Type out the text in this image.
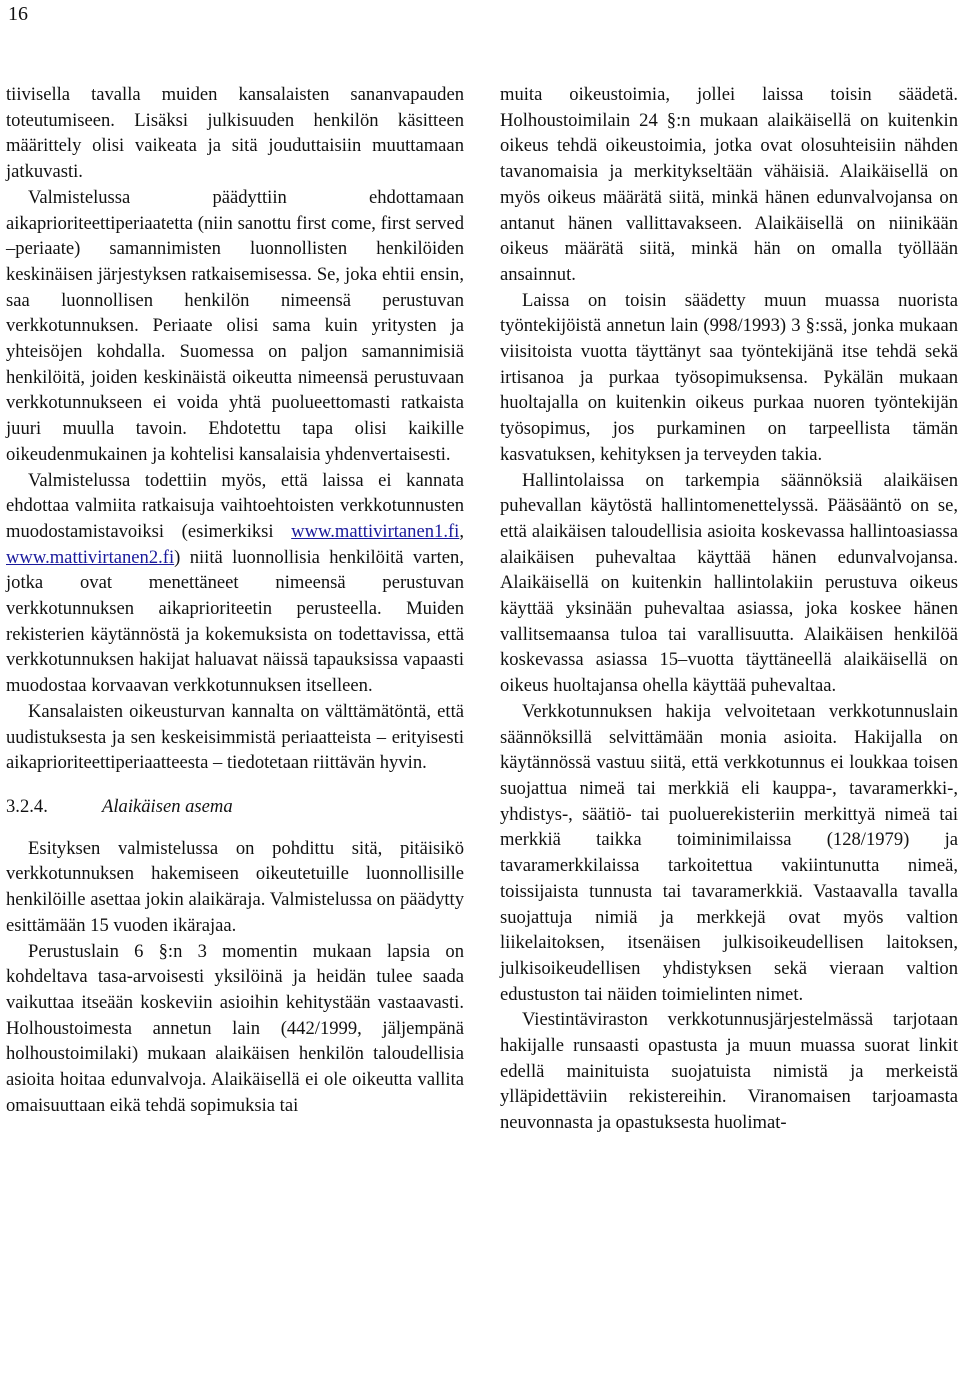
16

tiivisella tavalla muiden kansalaisten sananvapauden toteutumiseen. Lisäksi julkisuuden henkilön käsitteen määrittely olisi vaikeata ja sitä jouduttaisiin muuttamaan jatkuvasti.

Valmistelussa päädyttiin ehdottamaan aikaprioriteettiperiaatetta (niin sanottu first come, first served –periaate) samannimisten luonnollisten henkilöiden keskinäisen järjestyksen ratkaisemisessa. Se, joka ehtii ensin, saa luonnollisen henkilön nimeensä perustuvan verkkotunnuksen. Periaate olisi sama kuin yritysten ja yhteisöjen kohdalla. Suomessa on paljon samannimisiä henkilöitä, joiden keskinäistä oikeutta nimeensä perustuvaan verkkotunnukseen ei voida yhtä puolueettomasti ratkaista juuri muulla tavoin. Ehdotettu tapa olisi kaikille oikeudenmukainen ja kohtelisi kansalaisia yhdenvertaisesti.

Valmistelussa todettiin myös, että laissa ei kannata ehdottaa valmiita ratkaisuja vaihtoehtoisten verkkotunnusten muodostamistavoiksi (esimerkiksi www.mattivirtanen1.fi, www.mattivirtanen2.fi) niitä luonnollisia henkilöitä varten, jotka ovat menettäneet nimeensä perustuvan verkkotunnuksen aikaprioriteetin perusteella. Muiden rekisterien käytännöstä ja kokemuksista on todettavissa, että verkkotunnuksen hakijat haluavat näissä tapauksissa vapaasti muodostaa korvaavan verkkotunnuksen itselleen.

Kansalaisten oikeusturvan kannalta on välttämätöntä, että uudistuksesta ja sen keskeisimmistä periaatteista – erityisesti aikaprioriteettiperiaatteesta – tiedotetaan riittävän hyvin.

3.2.4.	Alaikäisen asema

Esityksen valmistelussa on pohdittu sitä, pitäisikö verkkotunnuksen hakemiseen oikeutetuille luonnollisille henkilöille asettaa jokin alaikäraja. Valmistelussa on päädytty esittämään 15 vuoden ikärajaa.

Perustuslain 6 §:n 3 momentin mukaan lapsia on kohdeltava tasa-arvoisesti yksilöinä ja heidän tulee saada vaikuttaa itseään koskeviin asioihin kehitystään vastaavasti. Holhoustoimesta annetun lain (442/1999, jäljempänä holhoustoimilaki) mukaan alaikäisen henkilön taloudellisia asioita hoitaa edunvalvoja. Alaikäisellä ei ole oikeutta vallita omaisuuttaan eikä tehdä sopimuksia tai

muita oikeustoimia, jollei laissa toisin säädetä. Holhoustoimilain 24 §:n mukaan alaikäisellä on kuitenkin oikeus tehdä oikeustoimia, jotka ovat olosuhteisiin nähden tavanomaisia ja merkitykseltään vähäisiä. Alaikäisellä on myös oikeus määrätä siitä, minkä hänen edunvalvojansa on antanut hänen vallittavakseen. Alaikäisellä on niinikään oikeus määrätä siitä, minkä hän on omalla työllään ansainnut.

Laissa on toisin säädetty muun muassa nuorista työntekijöistä annetun lain (998/1993) 3 §:ssä, jonka mukaan viisitoista vuotta täyttänyt saa työntekijänä itse tehdä sekä irtisanoa ja purkaa työsopimuksensa. Pykälän mukaan huoltajalla on kuitenkin oikeus purkaa nuoren työntekijän työsopimus, jos purkaminen on tarpeellista tämän kasvatuksen, kehityksen ja terveyden takia.

Hallintolaissa on tarkempia säännöksiä alaikäisen puhevallan käytöstä hallintomenettelyssä. Pääsääntö on se, että alaikäisen taloudellisia asioita koskevassa hallintoasiassa alaikäisen puhevaltaa käyttää hänen edunvalvojansa. Alaikäisellä on kuitenkin hallintolakiin perustuva oikeus käyttää yksinään puhevaltaa asiassa, joka koskee hänen vallitsemaansa tuloa tai varallisuutta. Alaikäisen henkilöä koskevassa asiassa 15–vuotta täyttäneellä alaikäisellä on oikeus huoltajansa ohella käyttää puhevaltaa.

Verkkotunnuksen hakija velvoitetaan verkkotunnuslain säännöksillä selvittämään monia asioita. Hakijalla on käytännössä vastuu siitä, että verkkotunnus ei loukkaa toisen suojattua nimeä tai merkkiä eli kauppa-, tavaramerkki-, yhdistys-, säätiö- tai puoluerekisteriin merkittyä nimeä tai merkkiä taikka toiminimilaissa (128/1979) ja tavaramerkkilaissa tarkoitettua vakiintunutta nimeä, toissijaista tunnusta tai tavaramerkkiä. Vastaavalla tavalla suojattuja nimiä ja merkkejä ovat myös valtion liikelaitoksen, itsenäisen julkisoikeudellisen laitoksen, julkisoikeudellisen yhdistyksen sekä vieraan valtion edustuston tai näiden toimielinten nimet.

Viestintäviraston verkkotunnusjärjestelmässä tarjotaan hakijalle runsaasti opastusta ja muun muassa suorat linkit edellä mainituista suojatuista nimistä ja merkeistä ylläpidettäviin rekistereihin. Viranomaisen tarjoamasta neuvonnasta ja opastuksesta huolimat-
